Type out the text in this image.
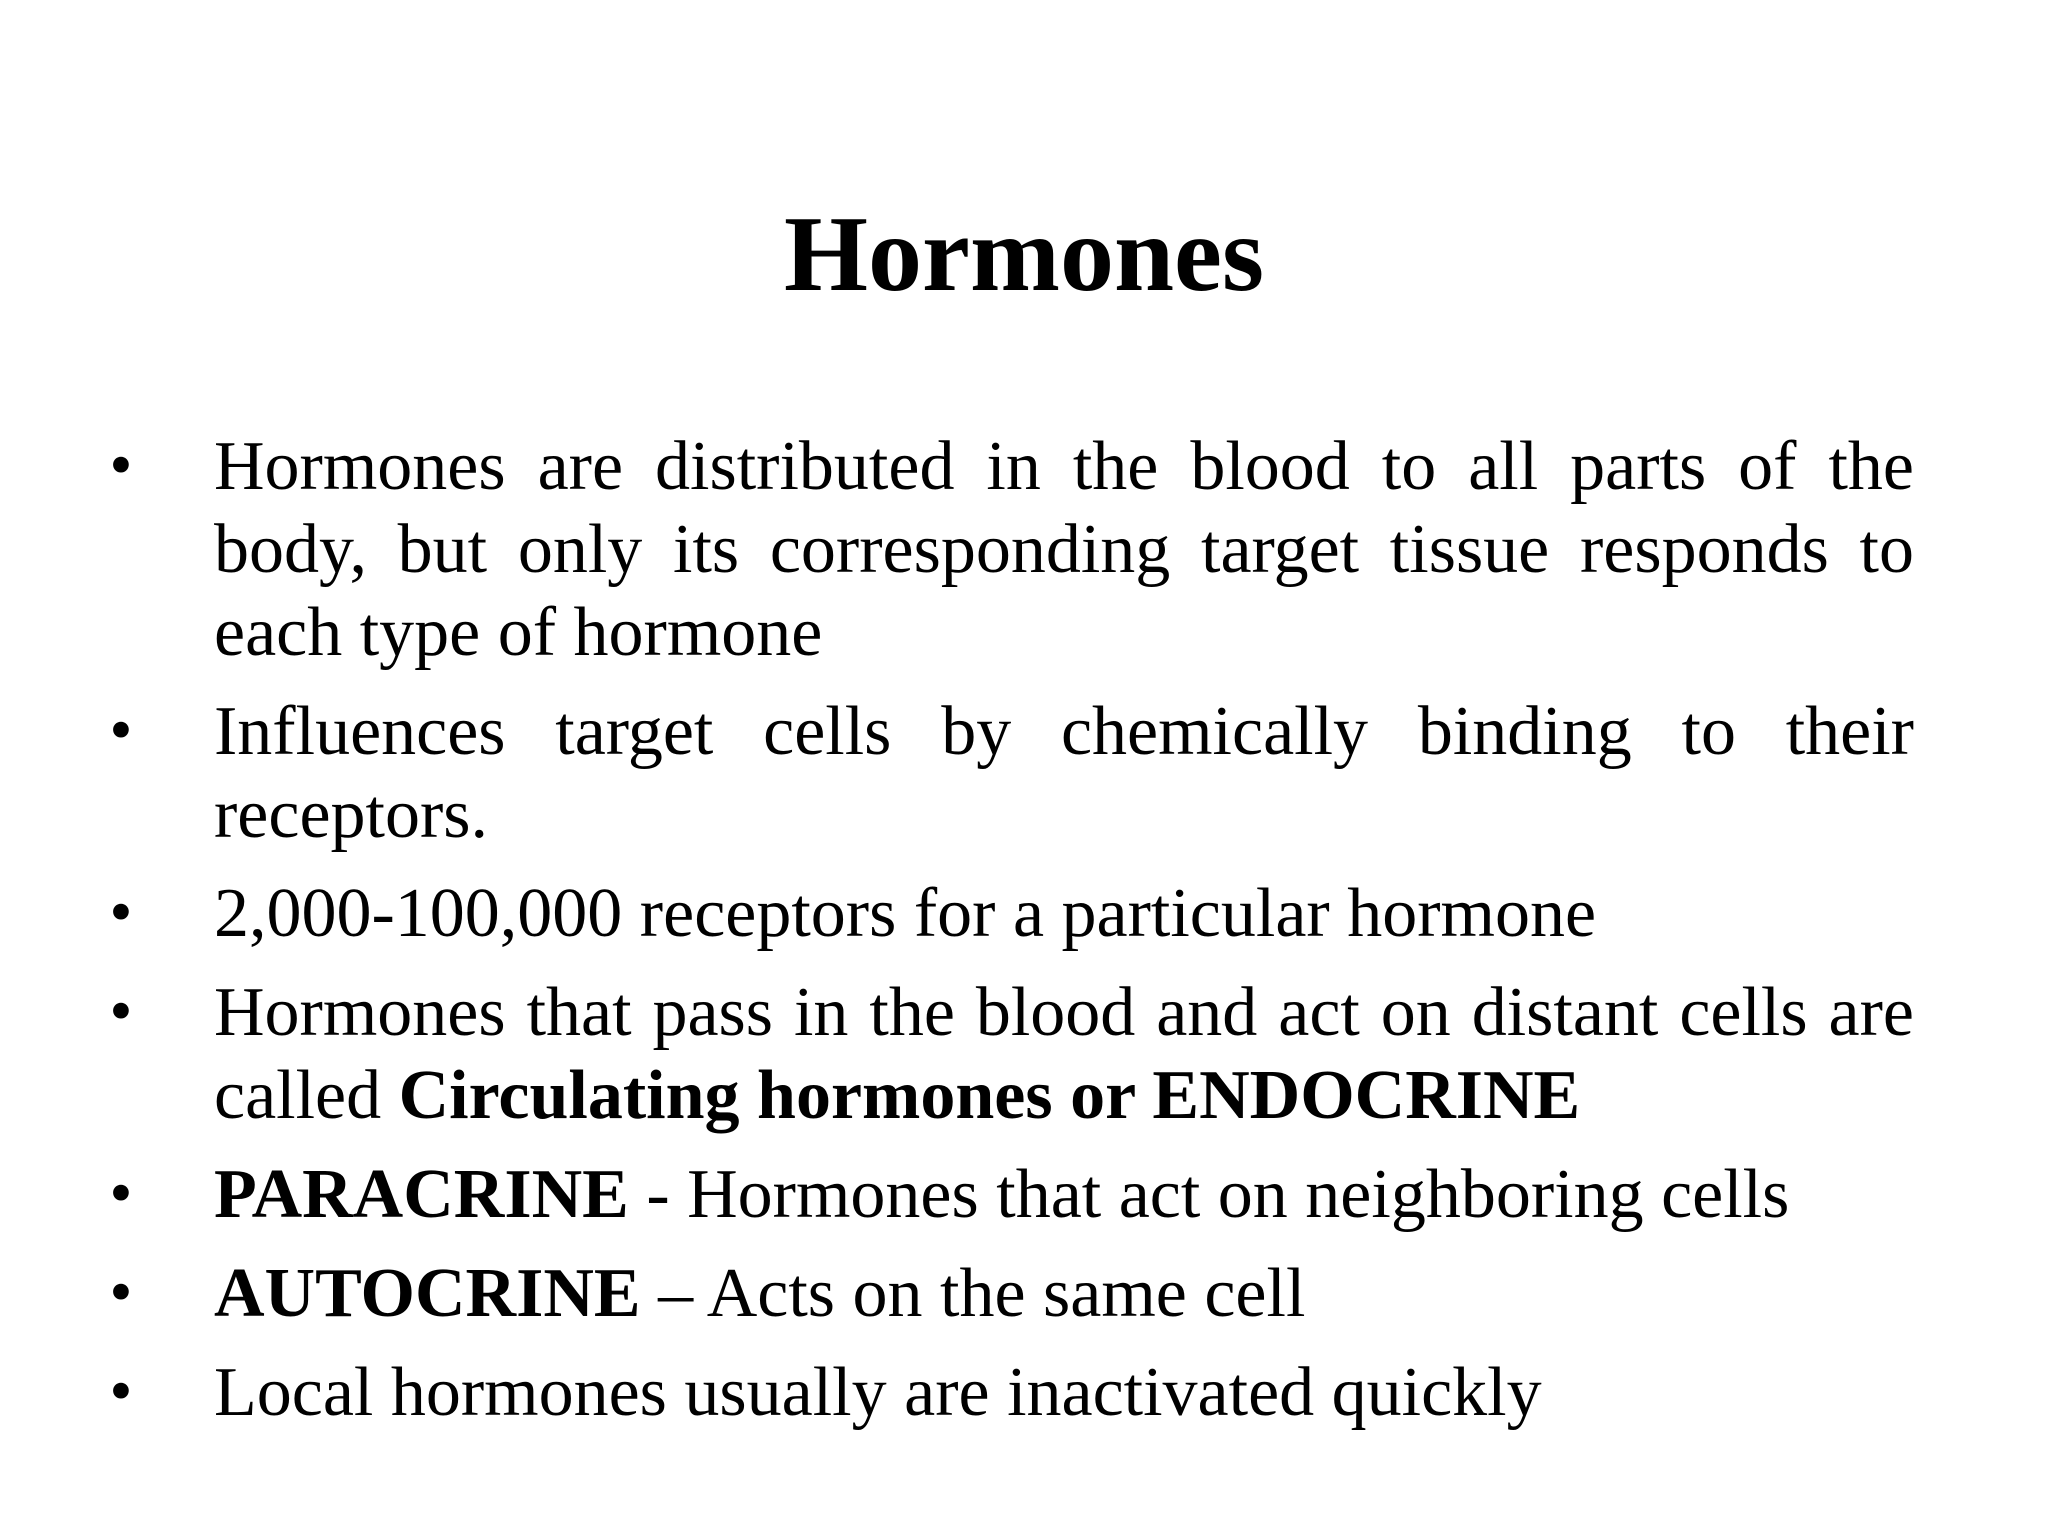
Hormones
• Hormones are distributed in the blood to all parts of the body, but only its corresponding target tissue responds to each type of hormone
• Influences target cells by chemically binding to their receptors.
• 2,000-100,000 receptors for a particular hormone
• Hormones that pass in the blood and act on distant cells are called Circulating hormones or ENDOCRINE
• PARACRINE - Hormones that act on neighboring cells
• AUTOCRINE – Acts on the same cell
• Local hormones usually are inactivated quickly
